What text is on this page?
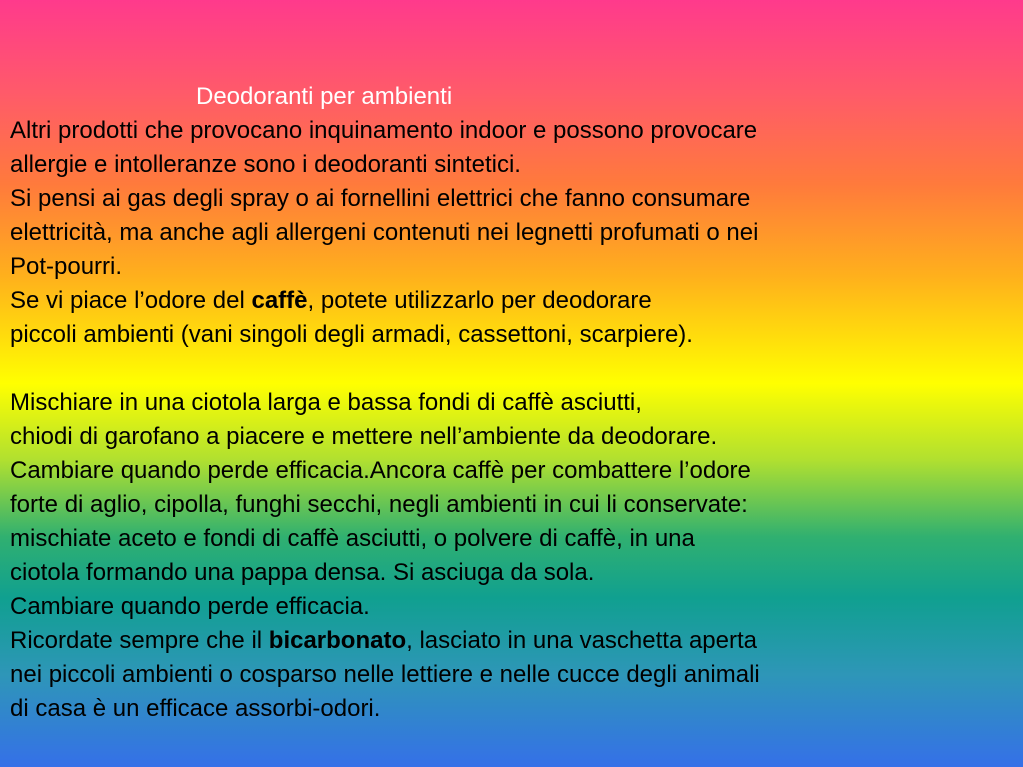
Deodoranti per ambienti
Altri prodotti che provocano inquinamento indoor e possono provocare
allergie e intolleranze sono i deodoranti sintetici.
Si pensi ai gas degli spray o ai fornellini elettrici che fanno consumare
elettricità, ma anche agli allergeni contenuti nei legnetti profumati o nei
Pot-pourri.
Se vi piace l’odore del caffè, potete utilizzarlo per deodorare
piccoli ambienti (vani singoli degli armadi, cassettoni, scarpiere).
Mischiare in una ciotola larga e bassa fondi di caffè asciutti,
chiodi di garofano a piacere e mettere nell’ambiente da deodorare.
Cambiare quando perde efficacia.Ancora caffè per combattere l’odore
forte di aglio, cipolla, funghi secchi, negli ambienti in cui li conservate:
mischiate aceto e fondi di caffè asciutti, o polvere di caffè, in una
ciotola formando una pappa densa. Si asciuga da sola.
Cambiare quando perde efficacia.
Ricordate sempre che il bicarbonato, lasciato in una vaschetta aperta
nei piccoli ambienti o cosparso nelle lettiere e nelle cucce degli animali
di casa è un efficace assorbi-odori.
